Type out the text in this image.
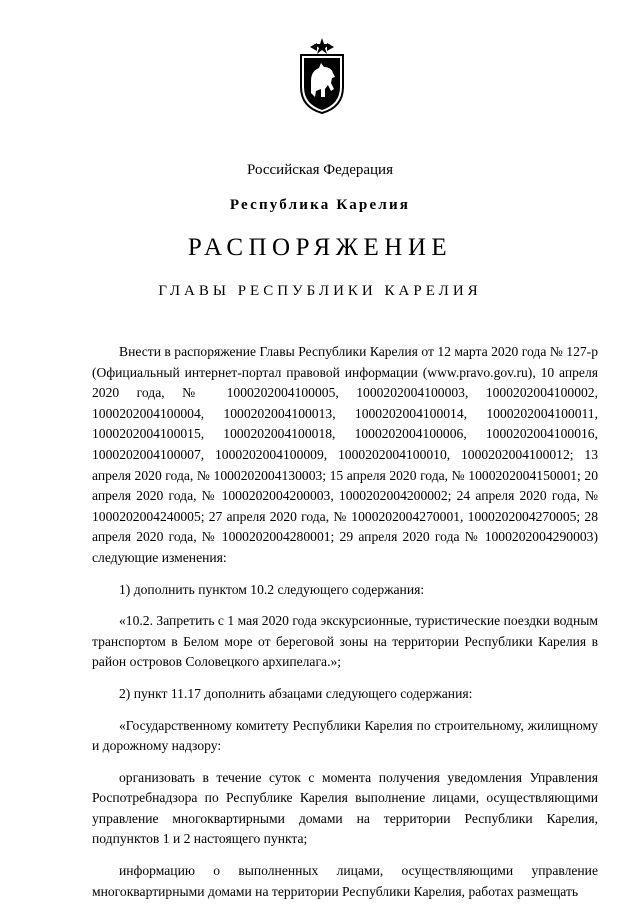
Российская Федерация
Республика Карелия
РАСПОРЯЖЕНИЕ
ГЛАВЫ РЕСПУБЛИКИ КАРЕЛИЯ

Внести в распоряжение Главы Республики Карелия от 12 марта 2020 года № 127-р (Официальный интернет-портал правовой информации (www.pravo.gov.ru), 10 апреля 2020 года, № 1000202004100005, 1000202004100003, 1000202004100002, 1000202004100004, 1000202004100013, 1000202004100014, 1000202004100011, 1000202004100015, 1000202004100018, 1000202004100006, 1000202004100016, 1000202004100007, 1000202004100009, 1000202004100010, 1000202004100012; 13 апреля 2020 года, № 1000202004130003; 15 апреля 2020 года, № 1000202004150001; 20 апреля 2020 года, № 1000202004200003, 1000202004200002; 24 апреля 2020 года, № 1000202004240005; 27 апреля 2020 года, № 1000202004270001, 1000202004270005; 28 апреля 2020 года, № 1000202004280001; 29 апреля 2020 года № 1000202004290003) следующие изменения:

1) дополнить пунктом 10.2 следующего содержания:

«10.2. Запретить с 1 мая 2020 года экскурсионные, туристические поездки водным транспортом в Белом море от береговой зоны на территории Республики Карелия в район островов Соловецкого архипелага.»;

2) пункт 11.17 дополнить абзацами следующего содержания:

«Государственному комитету Республики Карелия по строительному, жилищному и дорожному надзору:

организовать в течение суток с момента получения уведомления Управления Роспотребнадзора по Республике Карелия выполнение лицами, осуществляющими управление многоквартирными домами на территории Республики Карелия, подпунктов 1 и 2 настоящего пункта;

информацию о выполненных лицами, осуществляющими управление многоквартирными домами на территории Республики Карелия, работах размещать
